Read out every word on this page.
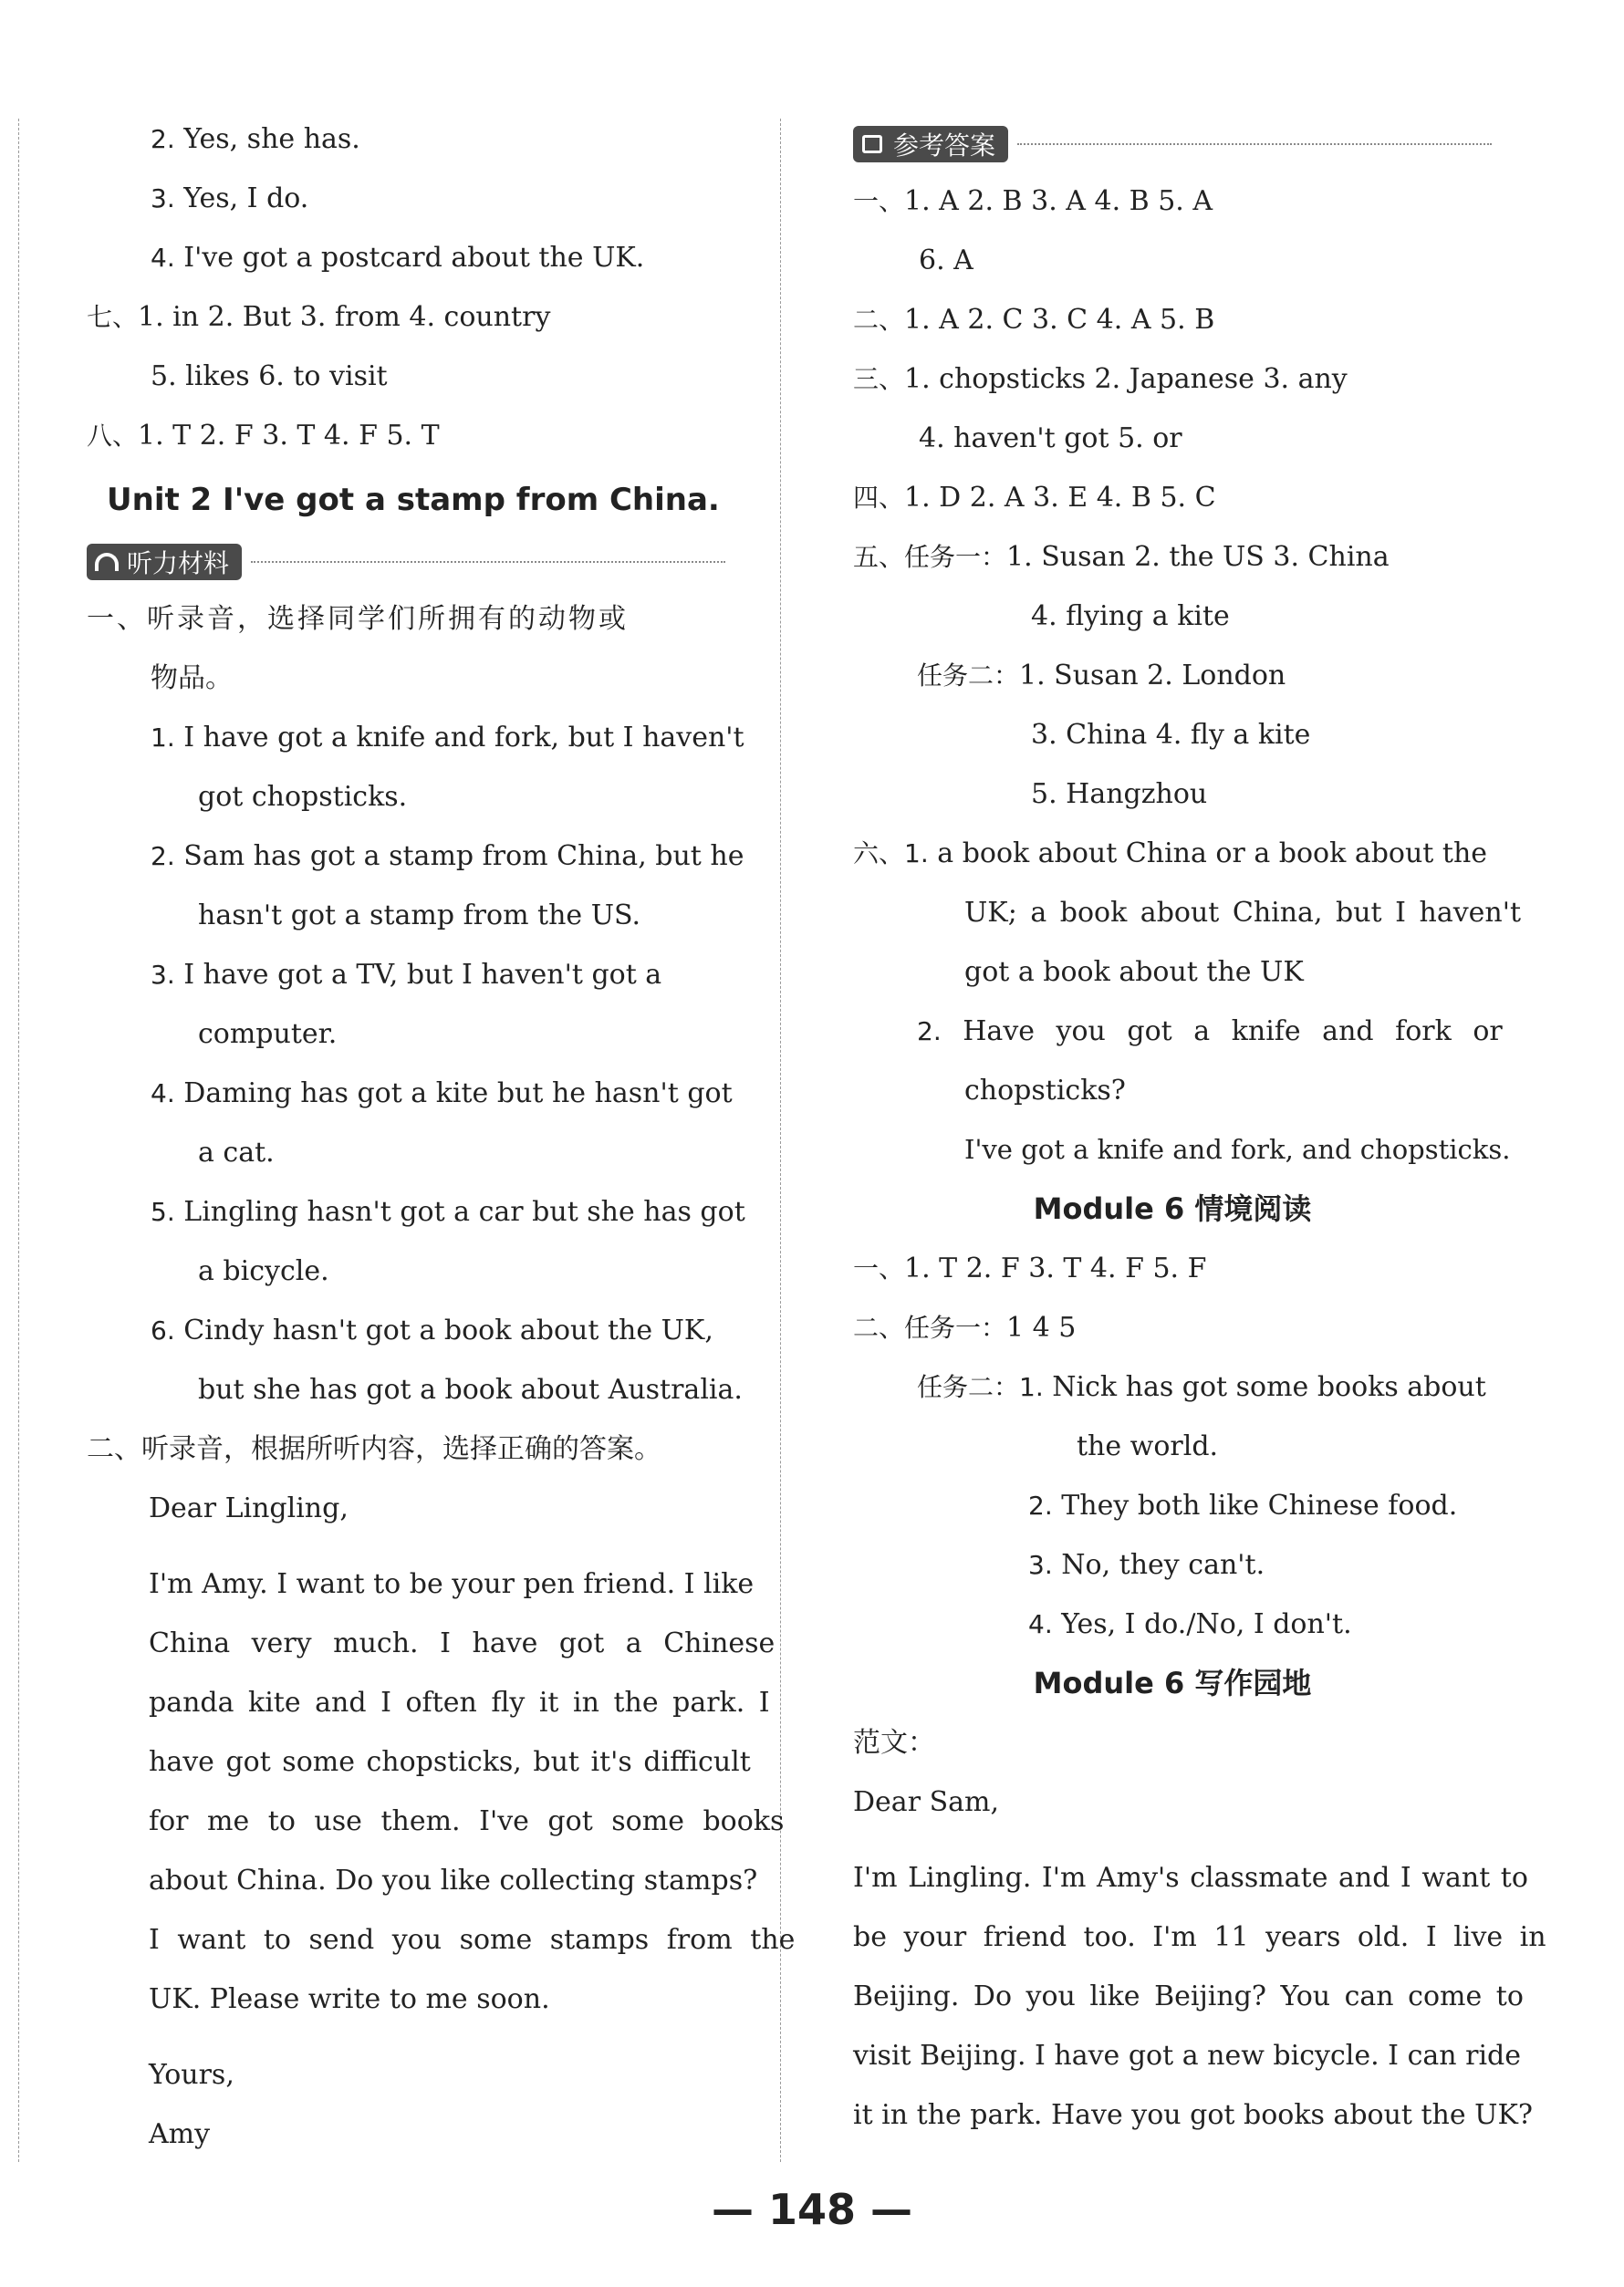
2. Yes, she has.
3. Yes, I do.
4. I've got a postcard about the UK.
七、1. in 2. But 3. from 4. country
5. likes 6. to visit
八、1. T 2. F 3. T 4. F 5. T
Unit 2 I've got a stamp from China.
听力材料
一、听录音，选择同学们所拥有的动物或
物品。
1. I have got a knife and fork, but I haven't
got chopsticks.
2. Sam has got a stamp from China, but he
hasn't got a stamp from the US.
3. I have got a TV, but I haven't got a
computer.
4. Daming has got a kite but he hasn't got
a cat.
5. Lingling hasn't got a car but she has got
a bicycle.
6. Cindy hasn't got a book about the UK,
but she has got a book about Australia.
二、听录音，根据所听内容，选择正确的答案。
Dear Lingling,
I'm Amy. I want to be your pen friend. I like
China very much. I have got a Chinese
panda kite and I often fly it in the park. I
have got some chopsticks, but it's difficult
for me to use them. I've got some books
about China. Do you like collecting stamps?
I want to send you some stamps from the
UK. Please write to me soon.
Yours,
Amy
参考答案
一、1. A 2. B 3. A 4. B 5. A
6. A
二、1. A 2. C 3. C 4. A 5. B
三、1. chopsticks 2. Japanese 3. any
4. haven't got 5. or
四、1. D 2. A 3. E 4. B 5. C
五、任务一：1. Susan 2. the US 3. China
4. flying a kite
任务二：1. Susan 2. London
3. China 4. fly a kite
5. Hangzhou
六、1. a book about China or a book about the
UK; a book about China, but I haven't
got a book about the UK
2. Have you got a knife and fork or
chopsticks?
I've got a knife and fork, and chopsticks.
Module 6 情境阅读
一、1. T 2. F 3. T 4. F 5. F
二、任务一：1 4 5
任务二：1. Nick has got some books about
the world.
2. They both like Chinese food.
3. No, they can't.
4. Yes, I do./No, I don't.
Module 6 写作园地
范文：
Dear Sam,
I'm Lingling. I'm Amy's classmate and I want to
be your friend too. I'm 11 years old. I live in
Beijing. Do you like Beijing? You can come to
visit Beijing. I have got a new bicycle. I can ride
it in the park. Have you got books about the UK?
— 148 —
